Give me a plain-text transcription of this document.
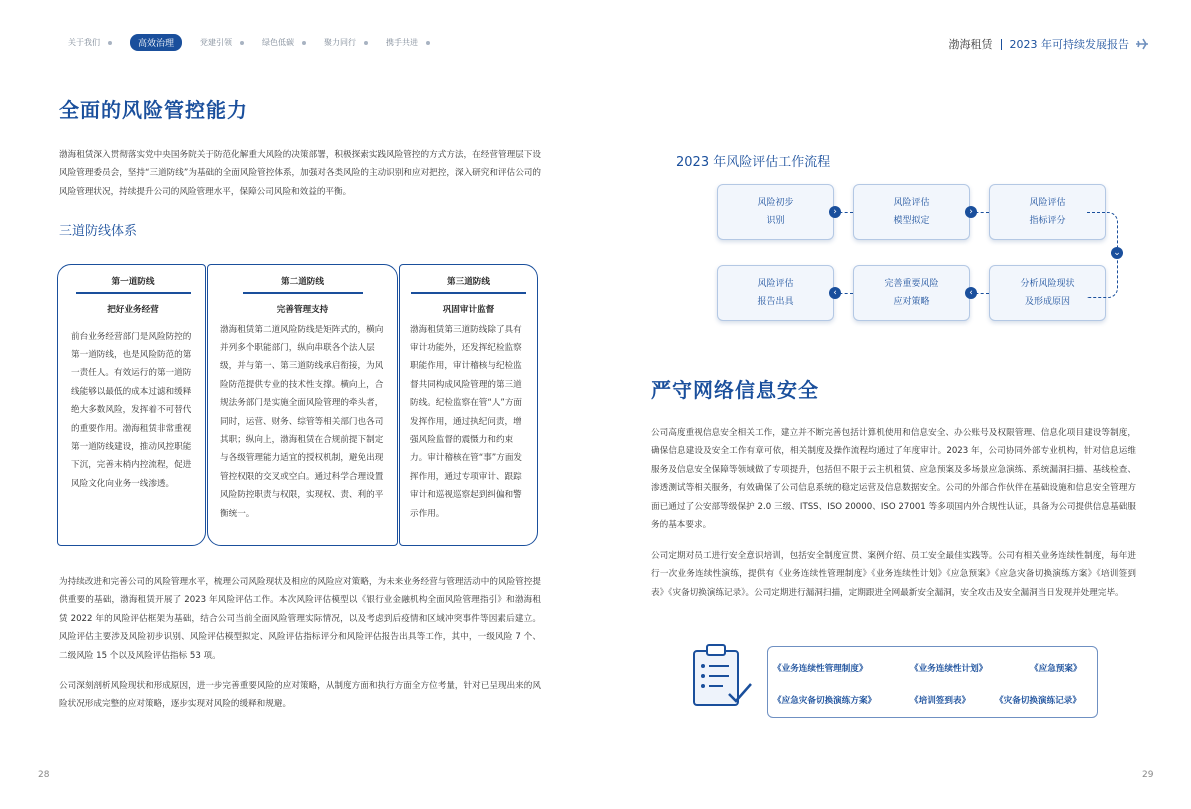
关于我们	高效治理	党建引领	绿色低碳	聚力同行	携手共进	渤海租赁 2023 年可持续发展报告
全面的风险管控能力
渤海租赁深入贯彻落实党中央国务院关于防范化解重大风险的决策部署，积极探索实践风险管控的方式方法，在经营管理层下设风险管理委员会，坚持“三道防线”为基础的全面风险管控体系，加强对各类风险的主动识别和应对把控，深入研究和评估公司的风险管理状况，持续提升公司的风险管理水平，保障公司风险和效益的平衡。
三道防线体系
第一道防线
把好业务经营
前台业务经营部门是风险防控的第一道防线，也是风险防范的第一责任人。有效运行的第一道防线能够以最低的成本过滤和缓释绝大多数风险，发挥着不可替代的重要作用。渤海租赁非常重视第一道防线建设，推动风控职能下沉，完善末梢内控流程，促进风险文化向业务一线渗透。
第二道防线
完善管理支持
渤海租赁第二道风险防线是矩阵式的，横向并列多个职能部门，纵向串联各个法人层级，并与第一、第三道防线承启衔接，为风险防范提供专业的技术性支撑。横向上，合规法务部门是实施全面风险管理的牵头者，同时，运营、财务、综管等相关部门也各司其职；纵向上，渤海租赁在合规前提下制定与各级管理能力适宜的授权机制，避免出现管控权限的交叉或空白。通过科学合理设置风险防控职责与权限，实现权、责、利的平衡统一。
第三道防线
巩固审计监督
渤海租赁第三道防线除了具有审计功能外，还发挥纪检监察职能作用，审计稽核与纪检监督共同构成风险管理的第三道防线。纪检监察在管“人”方面发挥作用，通过执纪问责，增强风险监督的震慑力和约束力。审计稽核在管“事”方面发挥作用，通过专项审计、跟踪审计和巡视巡察起到纠偏和警示作用。
为持续改进和完善公司的风险管理水平，梳理公司风险现状及相应的风险应对策略，为未来业务经营与管理活动中的风险管控提供重要的基础，渤海租赁开展了 2023 年风险评估工作。本次风险评估模型以《银行业金融机构全面风险管理指引》和渤海租赁 2022 年的风险评估框架为基础，结合公司当前全面风险管理实际情况，以及考虑到后疫情和区域冲突事件等因素后建立。风险评估主要涉及风险初步识别、风险评估模型拟定、风险评估指标评分和风险评估报告出具等工作，其中，一级风险 7 个、二级风险 15 个以及风险评估指标 53 项。
公司深刻剖析风险现状和形成原因，进一步完善重要风险的应对策略，从制度方面和执行方面全方位考量，针对已呈现出来的风险状况形成完整的应对策略，逐步实现对风险的缓释和规避。
28
2023 年风险评估工作流程
风险初步
识别
风险评估
模型拟定
风险评估
指标评分
分析风险现状
及形成原因
完善重要风险
应对策略
风险评估
报告出具
›	›
⌄
‹
‹
严守网络信息安全
公司高度重视信息安全相关工作，建立并不断完善包括计算机使用和信息安全、办公账号及权限管理、信息化项目建设等制度，确保信息建设及安全工作有章可依，相关制度及操作流程均通过了年度审计。2023 年，公司协同外部专业机构，针对信息运维服务及信息安全保障等领域做了专项提升，包括但不限于云主机租赁、应急预案及多场景应急演练、系统漏洞扫描、基线检查、渗透测试等相关服务，有效确保了公司信息系统的稳定运营及信息数据安全。公司的外部合作伙伴在基础设施和信息安全管理方面已通过了公安部等级保护 2.0 三级、ITSS、ISO 20000、ISO 27001 等多项国内外合规性认证，具备为公司提供信息基础服务的基本要求。
公司定期对员工进行安全意识培训，包括安全制度宣贯、案例介绍、员工安全最佳实践等。公司有相关业务连续性制度，每年进行一次业务连续性演练，提供有《业务连续性管理制度》《业务连续性计划》《应急预案》《应急灾备切换演练方案》《培训签到表》《灾备切换演练记录》。公司定期进行漏洞扫描，定期跟进全网最新安全漏洞，安全攻击及安全漏洞当日发现并处理完毕。
《业务连续性管理制度》	《业务连续性计划》	《应急预案》
《应急灾备切换演练方案》	《培训签到表》	《灾备切换演练记录》
29
